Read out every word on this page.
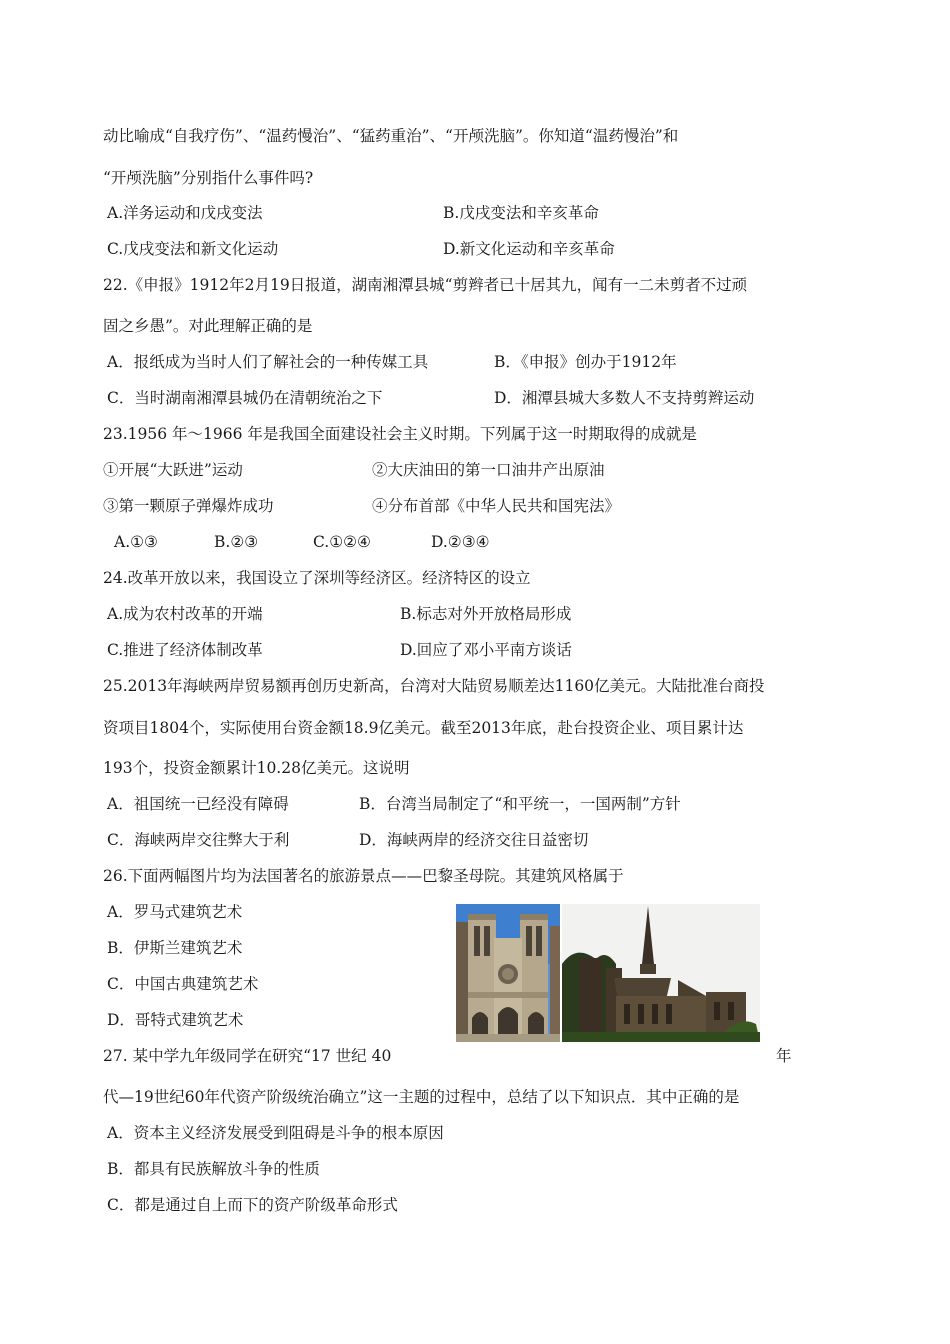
动比喻成“自我疗伤”、“温药慢治”、“猛药重治”、“开颅洗脑”。你知道“温药慢治”和
“开颅洗脑”分别指什么事件吗?
A.洋务运动和戊戌变法	B.戊戌变法和辛亥革命
C.戊戌变法和新文化运动	D.新文化运动和辛亥革命
22.《申报》1912年2月19日报道，湖南湘潭县城“剪辫者已十居其九，闻有一二未剪者不过顽
固之乡愚”。对此理解正确的是
A．报纸成为当时人们了解社会的一种传媒工具	B．《申报》创办于1912年
C．当时湖南湘潭县城仍在清朝统治之下	D．湘潭县城大多数人不支持剪辫运动
23.1956 年～1966 年是我国全面建设社会主义时期。下列属于这一时期取得的成就是
①开展“大跃进”运动	②大庆油田的第一口油井产出原油
③第一颗原子弹爆炸成功	④分布首部《中华人民共和国宪法》
A.①③	B.②③	C.①②④	D.②③④
24.改革开放以来，我国设立了深圳等经济区。经济特区的设立
A.成为农村改革的开端	B.标志对外开放格局形成
C.推进了经济体制改革	D.回应了邓小平南方谈话
25.2013年海峡两岸贸易额再创历史新高，台湾对大陆贸易顺差达1160亿美元。大陆批准台商投
资项目1804个，实际使用台资金额18.9亿美元。截至2013年底，赴台投资企业、项目累计达
193个，投资金额累计10.28亿美元。这说明
A．祖国统一已经没有障碍	B．台湾当局制定了“和平统一，一国两制”方针
C．海峡两岸交往弊大于利	D．海峡两岸的经济交往日益密切
26.下面两幅图片均为法国著名的旅游景点——巴黎圣母院。其建筑风格属于
A．罗马式建筑艺术
B．伊斯兰建筑艺术
C．中国古典建筑艺术
D．哥特式建筑艺术
27. 某中学九年级同学在研究“17 世纪 40	年
代—19世纪60年代资产阶级统治确立”这一主题的过程中，总结了以下知识点．其中正确的是
A．资本主义经济发展受到阻碍是斗争的根本原因
B．都具有民族解放斗争的性质
C．都是通过自上而下的资产阶级革命形式
